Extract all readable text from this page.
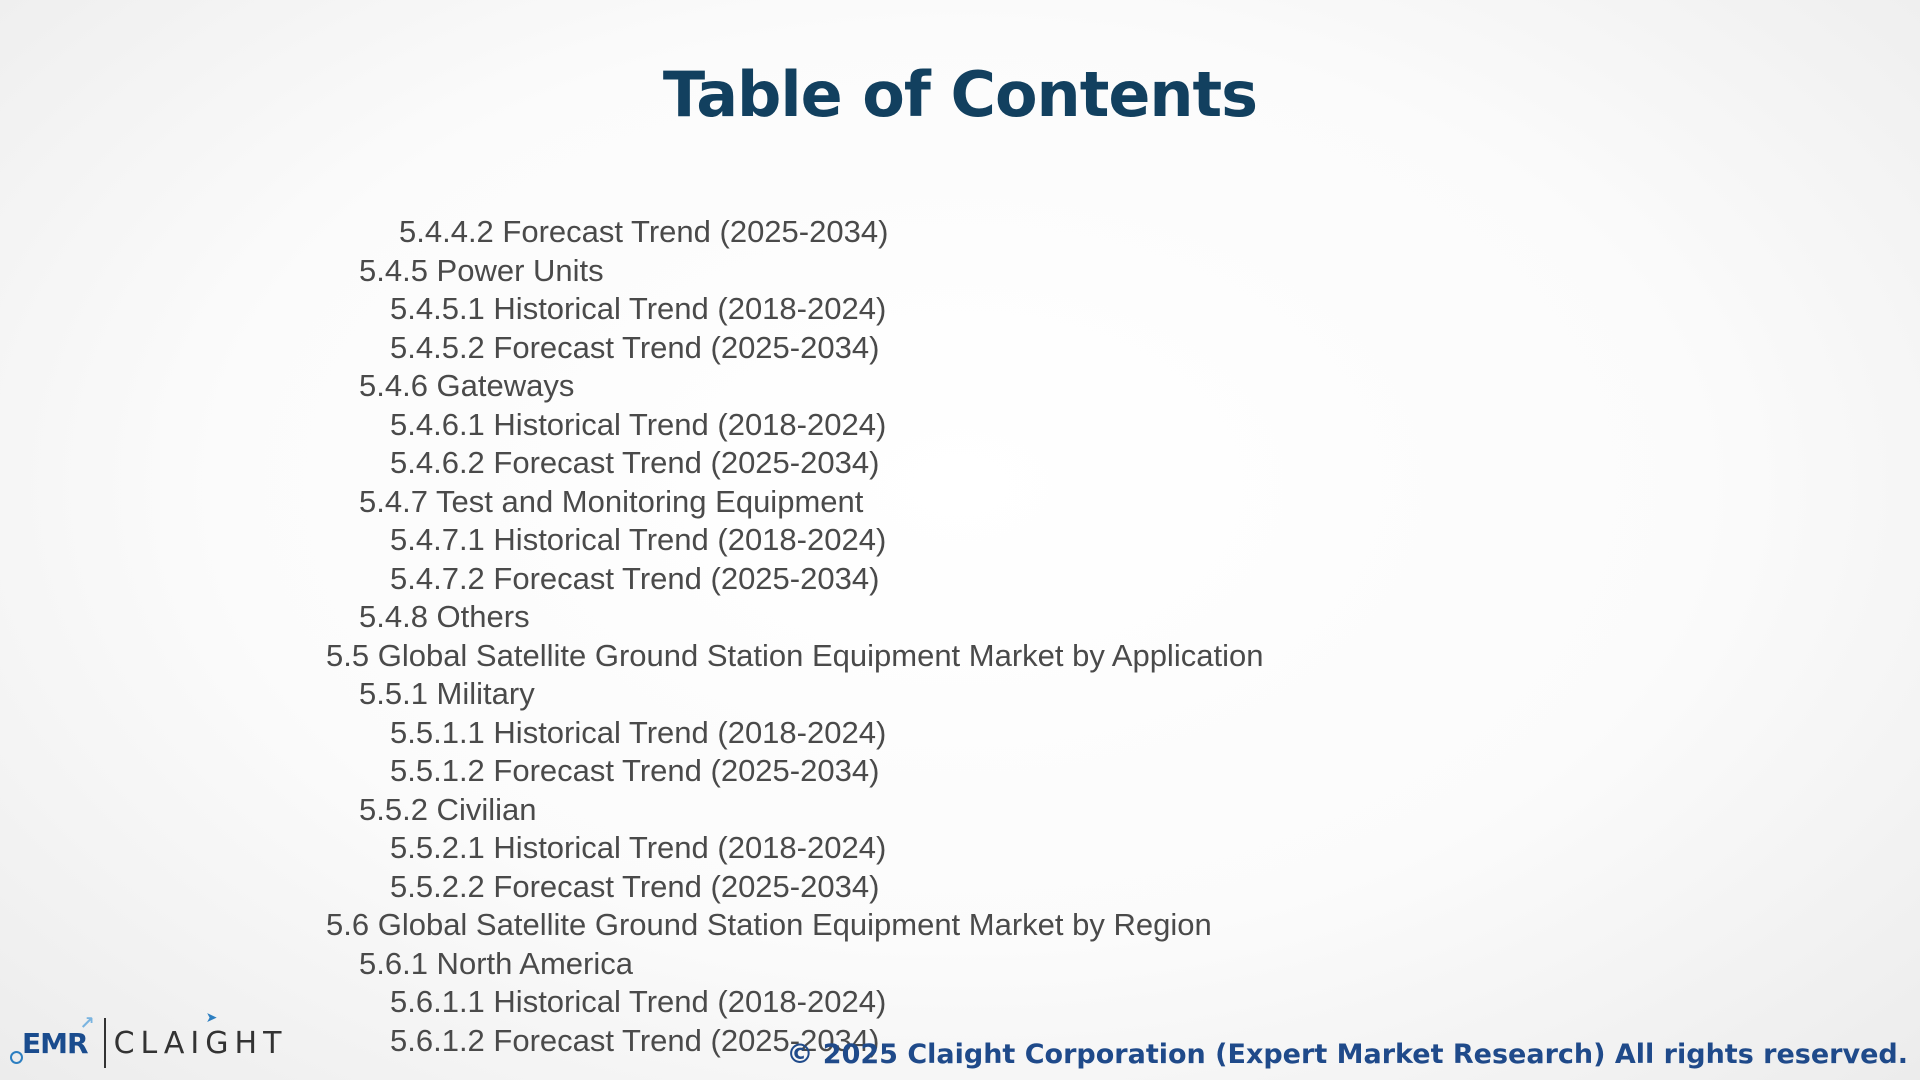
Table of Contents
5.4.4.2 Forecast Trend (2025-2034)
5.4.5 Power Units
5.4.5.1 Historical Trend (2018-2024)
5.4.5.2 Forecast Trend (2025-2034)
5.4.6 Gateways
5.4.6.1 Historical Trend (2018-2024)
5.4.6.2 Forecast Trend (2025-2034)
5.4.7 Test and Monitoring Equipment
5.4.7.1 Historical Trend (2018-2024)
5.4.7.2 Forecast Trend (2025-2034)
5.4.8 Others
5.5 Global Satellite Ground Station Equipment Market by Application
5.5.1 Military
5.5.1.1 Historical Trend (2018-2024)
5.5.1.2 Forecast Trend (2025-2034)
5.5.2 Civilian
5.5.2.1 Historical Trend (2018-2024)
5.5.2.2 Forecast Trend (2025-2034)
5.6 Global Satellite Ground Station Equipment Market by Region
5.6.1 North America
5.6.1.1 Historical Trend (2018-2024)
5.6.1.2 Forecast Trend (2025-2034)
EMR
↗	➤
CLAIGHT	© 2025 Claight Corporation (Expert Market Research) All rights reserved.
